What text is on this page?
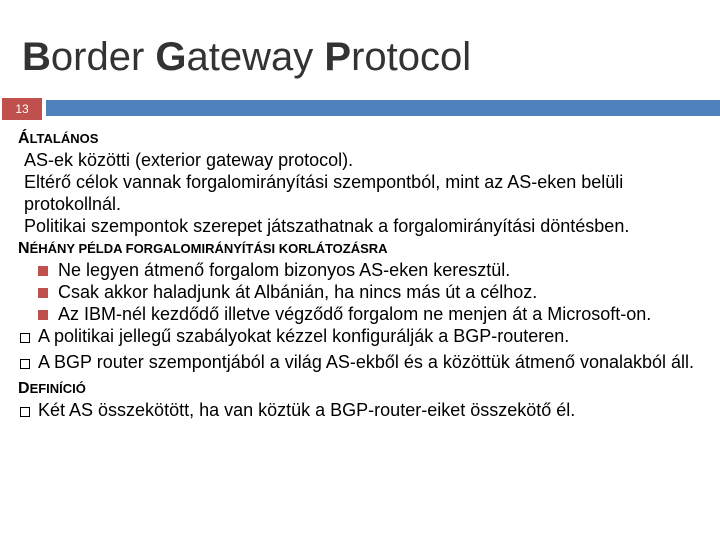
Border Gateway Protocol
13
ÁLTALÁNOS
AS-ek közötti (exterior gateway protocol).
Eltérő célok vannak forgalomirányítási szempontból, mint az AS-eken belüli protokollnál.
Politikai szempontok szerepet játszathatnak a forgalomirányítási döntésben.
NÉHÁNY PÉLDA FORGALOMIRÁNYÍTÁSI KORLÁTOZÁSRA
Ne legyen átmenő forgalom bizonyos AS-eken keresztül.
Csak akkor haladjunk át Albánián, ha nincs más út a célhoz.
Az IBM-nél kezdődő illetve végződő forgalom ne menjen át a Microsoft-on.
A politikai jellegű szabályokat kézzel konfigurálják a BGP-routeren.
A BGP router szempontjából a világ AS-ekből és a közöttük átmenő vonalakból áll.
DEFINÍCIÓ
Két AS összekötött, ha van köztük a BGP-router-eiket összekötő él.
